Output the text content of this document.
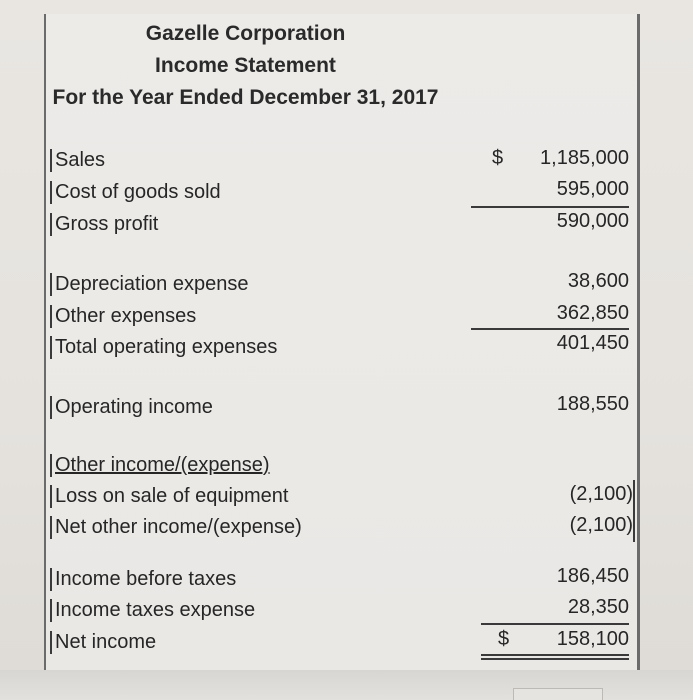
Gazelle Corporation
Income Statement
For the Year Ended December 31, 2017
Sales	$ 1,185,000
Cost of goods sold	595,000
Gross profit	590,000
Depreciation expense	38,600
Other expenses	362,850
Total operating expenses	401,450
Operating income	188,550
Other income/(expense)
Loss on sale of equipment	(2,100)
Net other income/(expense)	(2,100)
Income before taxes	186,450
Income taxes expense	28,350
Net income	$ 158,100
